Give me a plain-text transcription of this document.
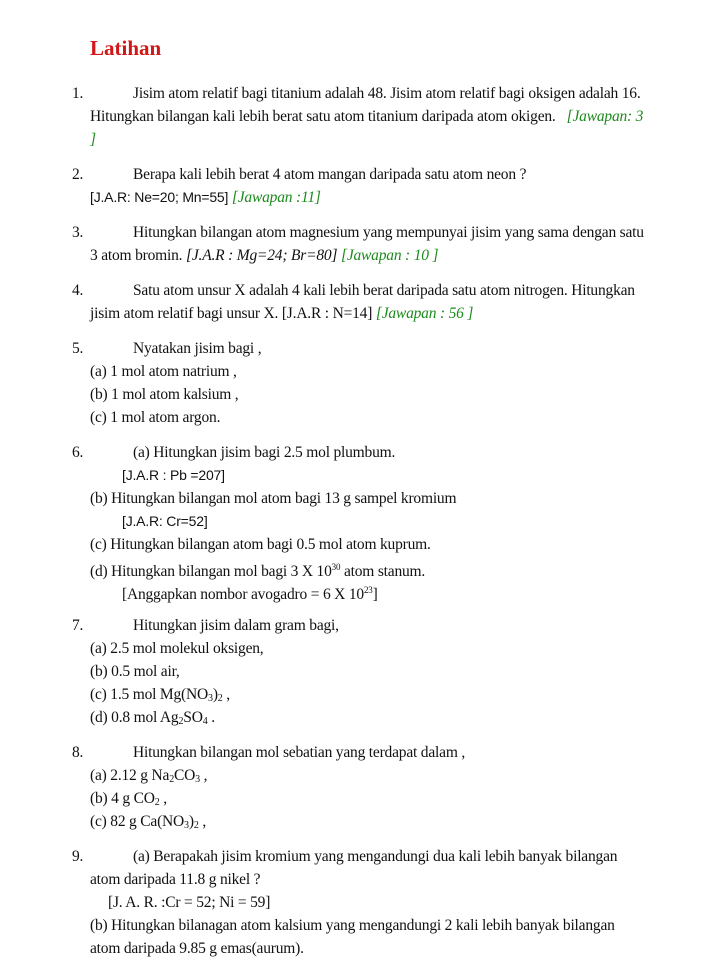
Latihan
1.	Jisim atom relatif bagi titanium adalah 48. Jisim atom relatif bagi oksigen adalah 16.
Hitungkan bilangan kali lebih berat satu atom titanium daripada atom okigen. [Jawapan: 3
]
2.	Berapa kali lebih berat 4 atom mangan daripada satu atom neon ?
[J.A.R: Ne=20; Mn=55] [Jawapan :11]
3.	Hitungkan bilangan atom magnesium yang mempunyai jisim yang sama dengan satu
3 atom bromin. [J.A.R : Mg=24; Br=80] [Jawapan : 10 ]
4.	Satu atom unsur X adalah 4 kali lebih berat daripada satu atom nitrogen. Hitungkan
jisim atom relatif bagi unsur X. [J.A.R : N=14] [Jawapan : 56 ]
5.	Nyatakan jisim bagi ,
(a) 1 mol atom natrium ,
(b) 1 mol atom kalsium ,
(c) 1 mol atom argon.
6.	(a) Hitungkan jisim bagi 2.5 mol plumbum.
[J.A.R : Pb =207]
(b) Hitungkan bilangan mol atom bagi 13 g sampel kromium
[J.A.R: Cr=52]
(c) Hitungkan bilangan atom bagi 0.5 mol atom kuprum.
(d) Hitungkan bilangan mol bagi 3 X $10^{30}$ atom stanum.
[Anggapkan nombor avogadro = 6 X $10^{23}$]
7.	Hitungkan jisim dalam gram bagi,
(a) 2.5 mol molekul oksigen,
(b) 0.5 mol air,
(c) 1.5 mol $Mg(NO_3)_2$ ,
(d) 0.8 mol $Ag_2SO_4$ .
8.	Hitungkan bilangan mol sebatian yang terdapat dalam ,
(a) 2.12 g $Na_2CO_3$ ,
(b) 4 g $CO_2$ ,
(c) 82 g $Ca(NO_3)_2$ ,
9.	(a) Berapakah jisim kromium yang mengandungi dua kali lebih banyak bilangan
atom daripada 11.8 g nikel ?
[J. A. R. :Cr = 52; Ni = 59]
(b) Hitungkan bilanagan atom kalsium yang mengandungi 2 kali lebih banyak bilangan
atom daripada 9.85 g emas(aurum).
